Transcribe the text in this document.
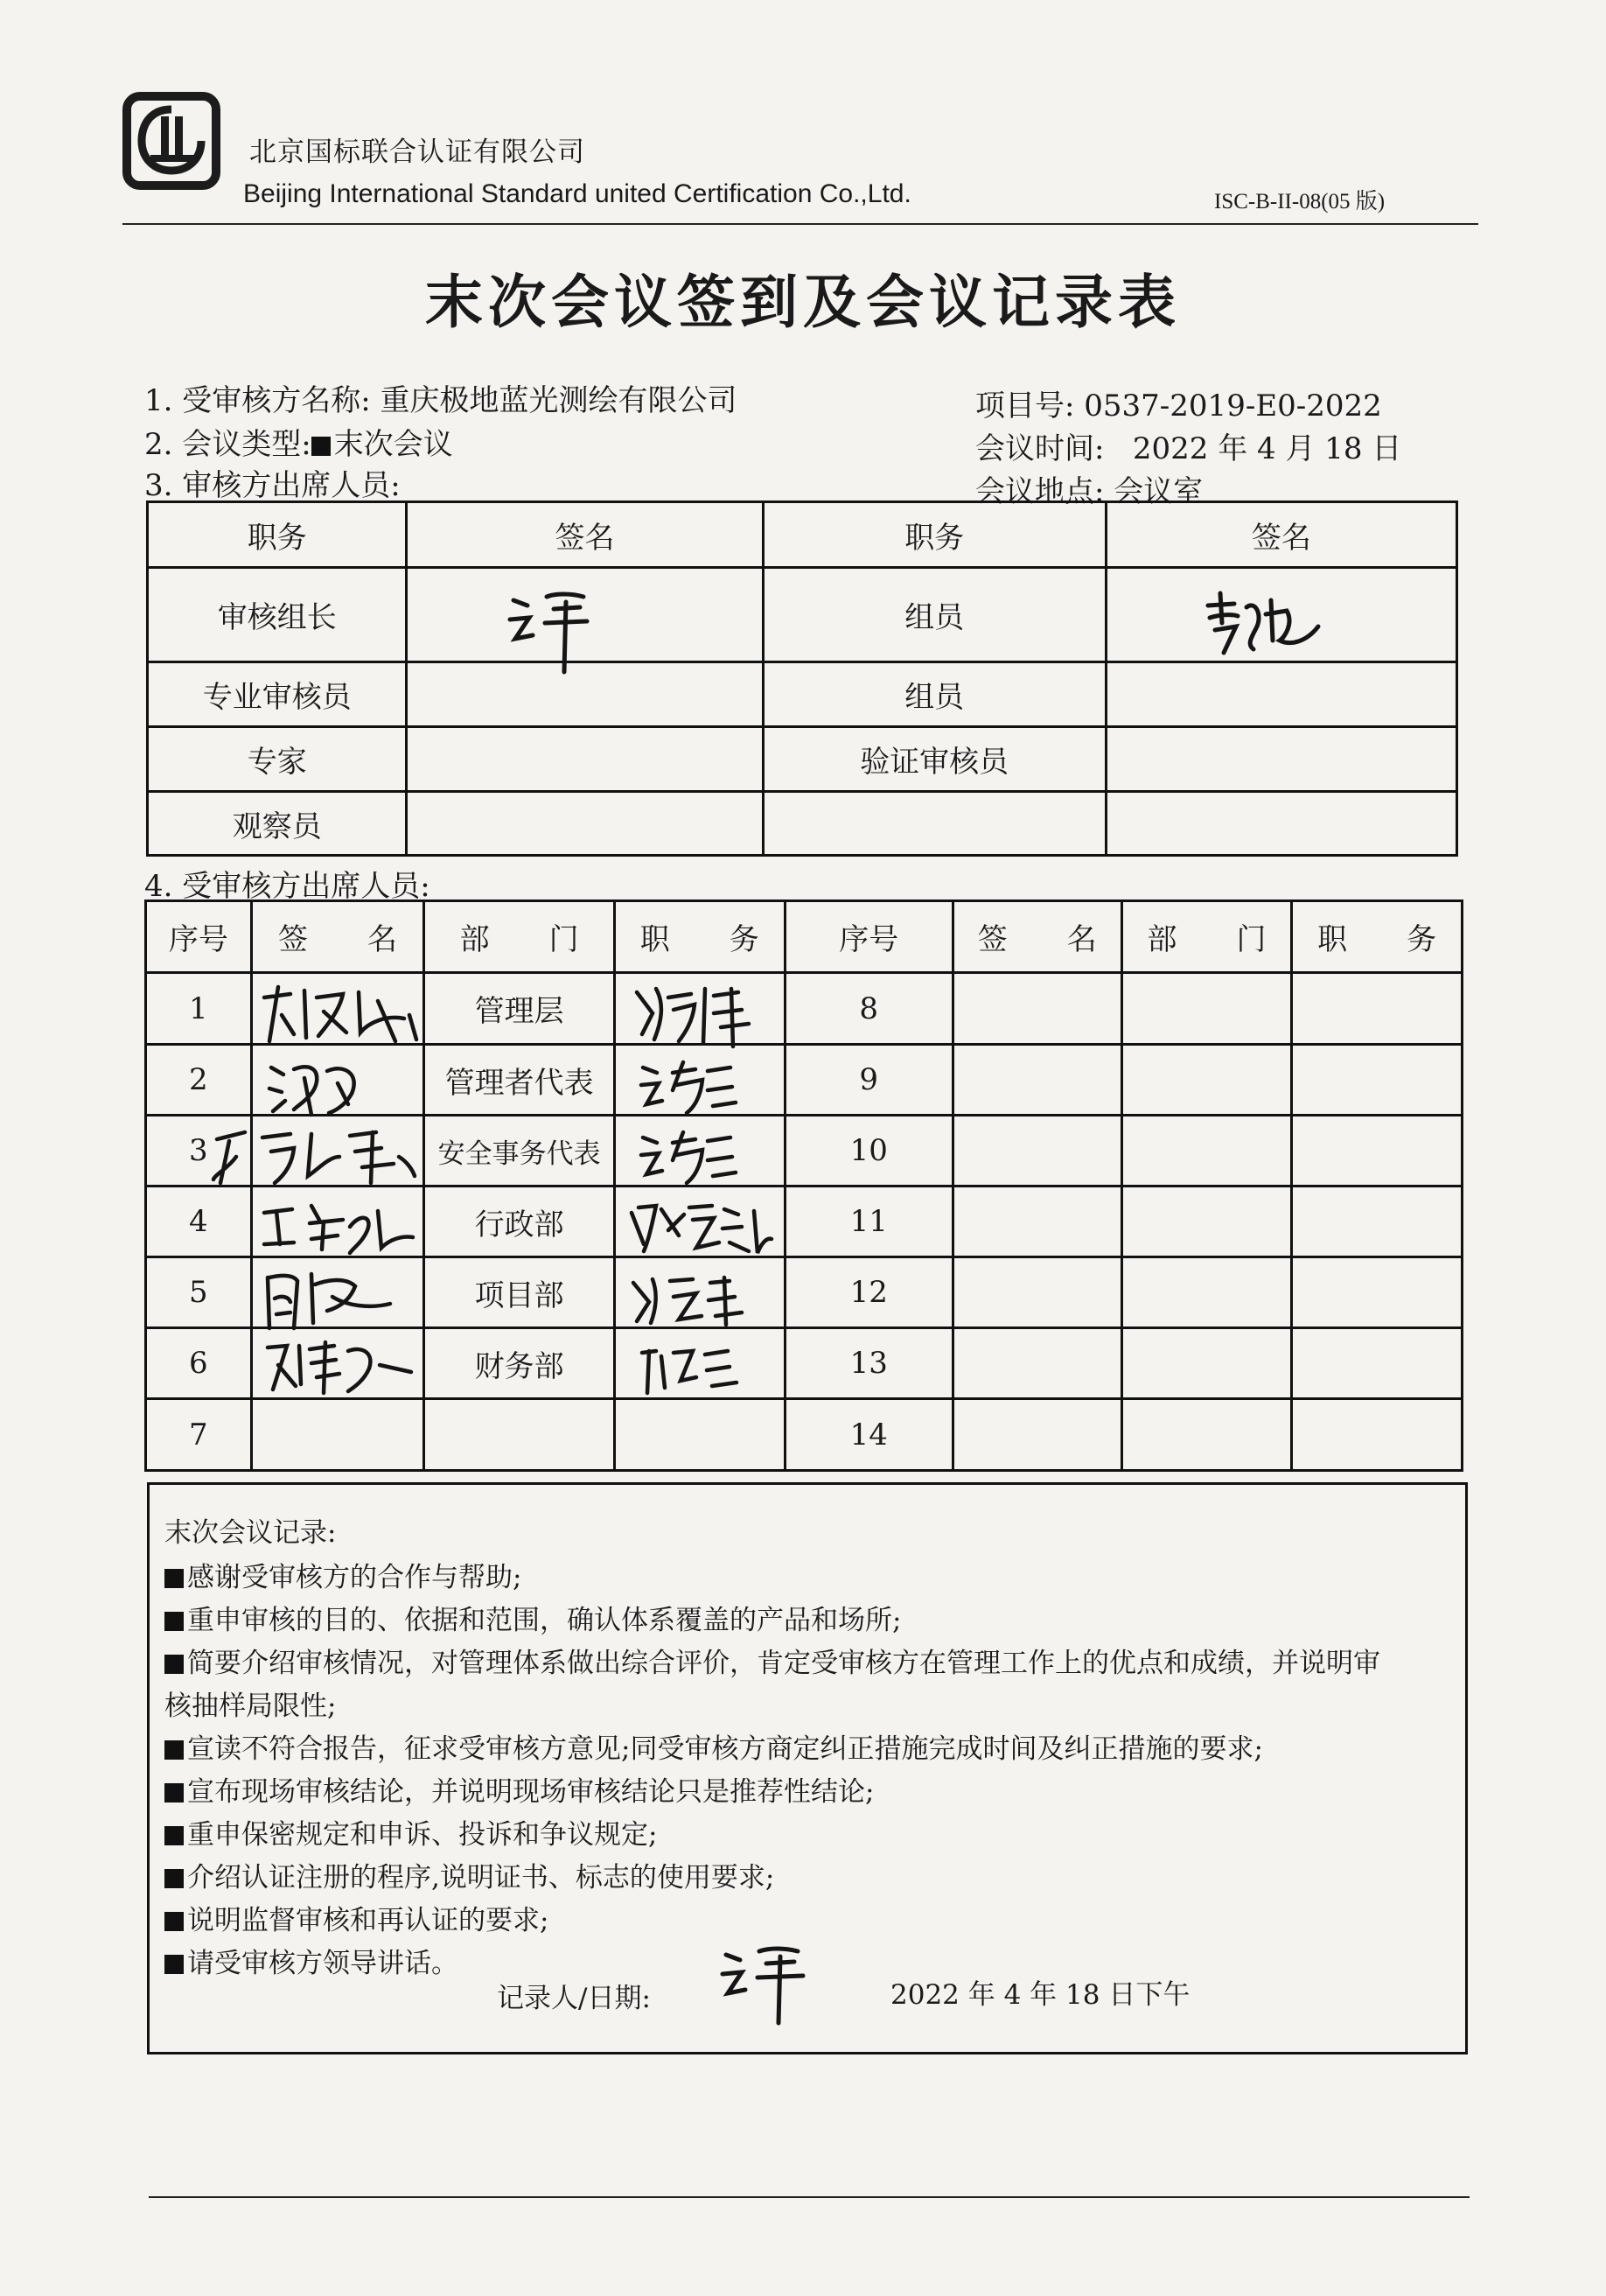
北京国标联合认证有限公司
Beijing International Standard united Certification Co.,Ltd.	ISC-B-II-08(05 版)
末次会议签到及会议记录表
1. 受审核方名称: 重庆极地蓝光测绘有限公司
2. 会议类型: 末次会议
3. 审核方出席人员:
项目号: 0537-2019-E0-2022
会议时间: 2022 年 4 月 18 日
会议地点: 会议室
职务	签名	职务	签名
审核组长		组员	
专业审核员		组员	
专家		验证审核员	
观察员			
4. 受审核方出席人员:
序号	签　　名	部　　门	职　　务	序号	签　　名	部　　门	职　　务
1		管理层		8			
2		管理者代表		9			
3		安全事务代表		10			
4		行政部		11			
5		项目部		12			
6		财务部		13			
7				14			
末次会议记录:
感谢受审核方的合作与帮助;
重申审核的目的、依据和范围，确认体系覆盖的产品和场所;
简要介绍审核情况，对管理体系做出综合评价，肯定受审核方在管理工作上的优点和成绩，并说明审
核抽样局限性;
宣读不符合报告，征求受审核方意见;同受审核方商定纠正措施完成时间及纠正措施的要求;
宣布现场审核结论，并说明现场审核结论只是推荐性结论;
重申保密规定和申诉、投诉和争议规定;
介绍认证注册的程序,说明证书、标志的使用要求;
说明监督审核和再认证的要求;
请受审核方领导讲话。
记录人/日期:	2022 年 4 年 18 日下午
